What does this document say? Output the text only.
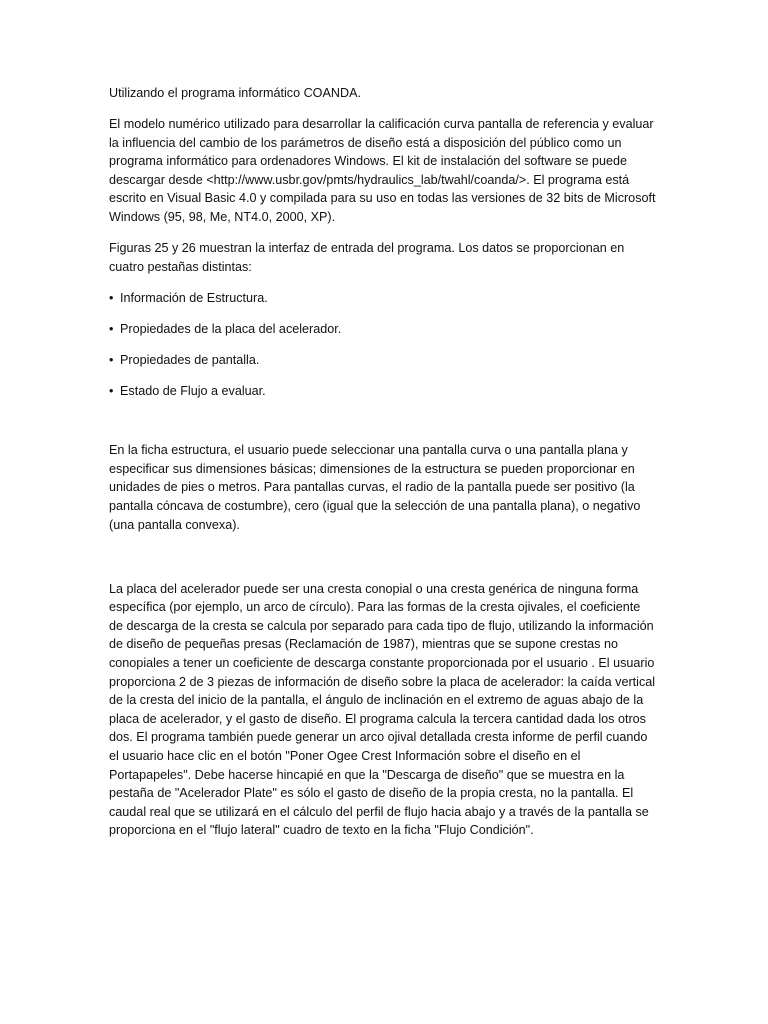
Utilizando el programa informático COANDA.

El modelo numérico utilizado para desarrollar la calificación curva pantalla de referencia y evaluar la influencia del cambio de los parámetros de diseño está a disposición del público como un programa informático para ordenadores Windows. El kit de instalación del software se puede descargar desde <http://www.usbr.gov/pmts/hydraulics_lab/twahl/coanda/>. El programa está escrito en Visual Basic 4.0 y compilada para su uso en todas las versiones de 32 bits de Microsoft Windows (95, 98, Me, NT4.0, 2000, XP).

Figuras 25 y 26 muestran la interfaz de entrada del programa. Los datos se proporcionan en cuatro pestañas distintas:

• Información de Estructura.
• Propiedades de la placa del acelerador.
• Propiedades de pantalla.
• Estado de Flujo a evaluar.

En la ficha estructura, el usuario puede seleccionar una pantalla curva o una pantalla plana y especificar sus dimensiones básicas; dimensiones de la estructura se pueden proporcionar en unidades de pies o metros. Para pantallas curvas, el radio de la pantalla puede ser positivo (la pantalla cóncava de costumbre), cero (igual que la selección de una pantalla plana), o negativo (una pantalla convexa).

La placa del acelerador puede ser una cresta conopial o una cresta genérica de ninguna forma específica (por ejemplo, un arco de círculo). Para las formas de la cresta ojivales, el coeficiente de descarga de la cresta se calcula por separado para cada tipo de flujo, utilizando la información de diseño de pequeñas presas (Reclamación de 1987), mientras que se supone crestas no conopiales a tener un coeficiente de descarga constante proporcionada por el usuario . El usuario proporciona 2 de 3 piezas de información de diseño sobre la placa de acelerador: la caída vertical de la cresta del inicio de la pantalla, el ángulo de inclinación en el extremo de aguas abajo de la placa de acelerador, y el gasto de diseño. El programa calcula la tercera cantidad dada los otros dos. El programa también puede generar un arco ojival detallada cresta informe de perfil cuando el usuario hace clic en el botón "Poner Ogee Crest Información sobre el diseño en el Portapapeles". Debe hacerse hincapié en que la "Descarga de diseño" que se muestra en la pestaña de "Acelerador Plate" es sólo el gasto de diseño de la propia cresta, no la pantalla. El caudal real que se utilizará en el cálculo del perfil de flujo hacia abajo y a través de la pantalla se proporciona en el "flujo lateral" cuadro de texto en la ficha "Flujo Condición".
